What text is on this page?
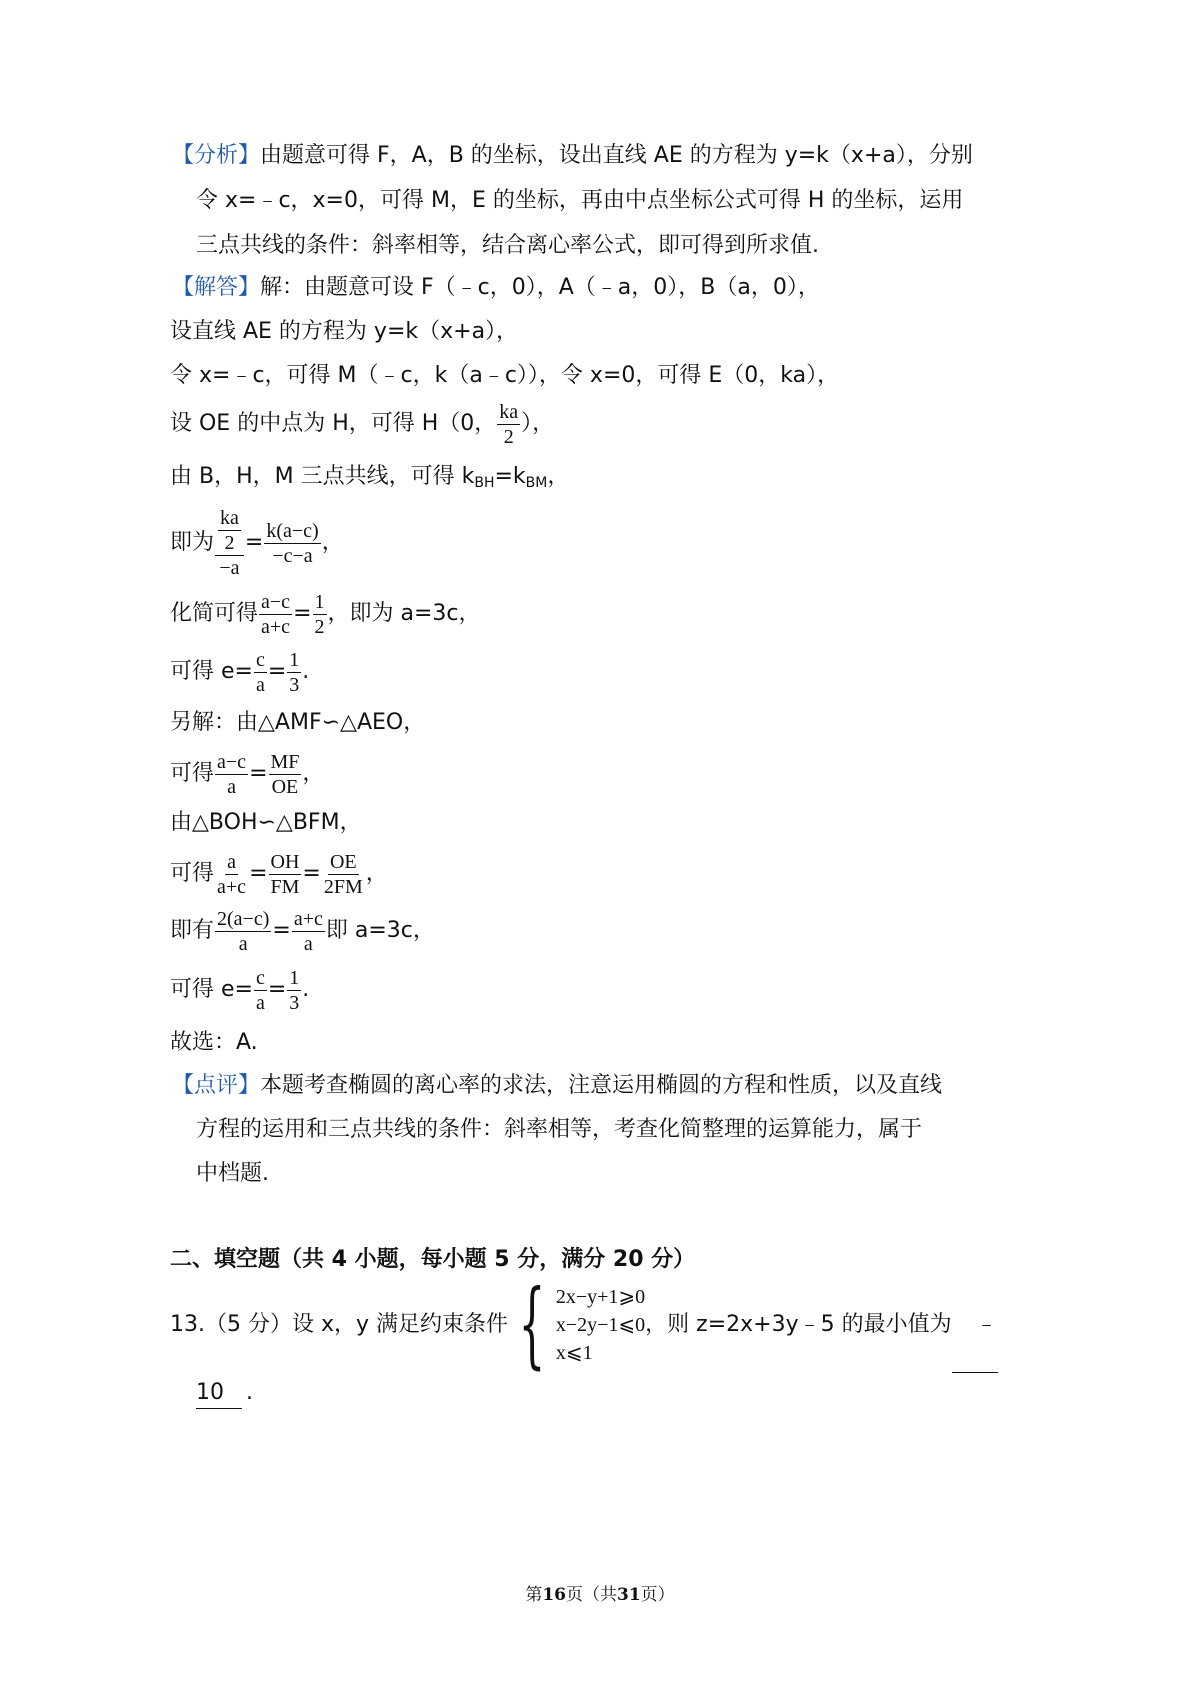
【分析】由题意可得 F，A，B 的坐标，设出直线 AE 的方程为 y=k（x+a），分别
令 x=﹣c，x=0，可得 M，E 的坐标，再由中点坐标公式可得 H 的坐标，运用
三点共线的条件：斜率相等，结合离心率公式，即可得到所求值.
【解答】解：由题意可设 F（﹣c，0），A（﹣a，0），B（a，0），
设直线 AE 的方程为 y=k（x+a），
令 x=﹣c，可得 M（﹣c，k（a﹣c）），令 x=0，可得 E（0，ka），
设 OE 的中点为 H，可得 H（0， $\frac{ka}{2}$ ），
由 B，H，M 三点共线，可得 $k_{BH}=k_{BM}$，
即为 $\frac{\frac{ka}{2}}{-a} = \frac{k(a-c)}{-c-a}$ ，
化简可得 $\frac{a-c}{a+c} = \frac{1}{2}$ ，即为 a=3c，
可得 $e= \frac{c}{a} = \frac{1}{3}$ .
另解：由△AMF∽△AEO，
可得 $\frac{a-c}{a} = \frac{MF}{OE}$ ，
由△BOH∽△BFM，
可得 $\frac{a}{a+c} = \frac{OH}{FM} = \frac{OE}{2FM}$ ，
即有 $\frac{2(a-c)}{a} = \frac{a+c}{a}$ 即 a=3c，
可得 $e= \frac{c}{a} = \frac{1}{3}$ .
故选：A.
【点评】本题考查椭圆的离心率的求法，注意运用椭圆的方程和性质，以及直线
方程的运用和三点共线的条件：斜率相等，考查化简整理的运算能力，属于
中档题.
二、填空题（共 4 小题，每小题 5 分，满分 20 分）
13.（5 分）设 x，y 满足约束条件 { 2x−y+1⩾0
x−2y−1⩽0
x⩽1
，则 z=2x+3y﹣5 的最小值为 ﹣
10 .
第16页（共31页）
